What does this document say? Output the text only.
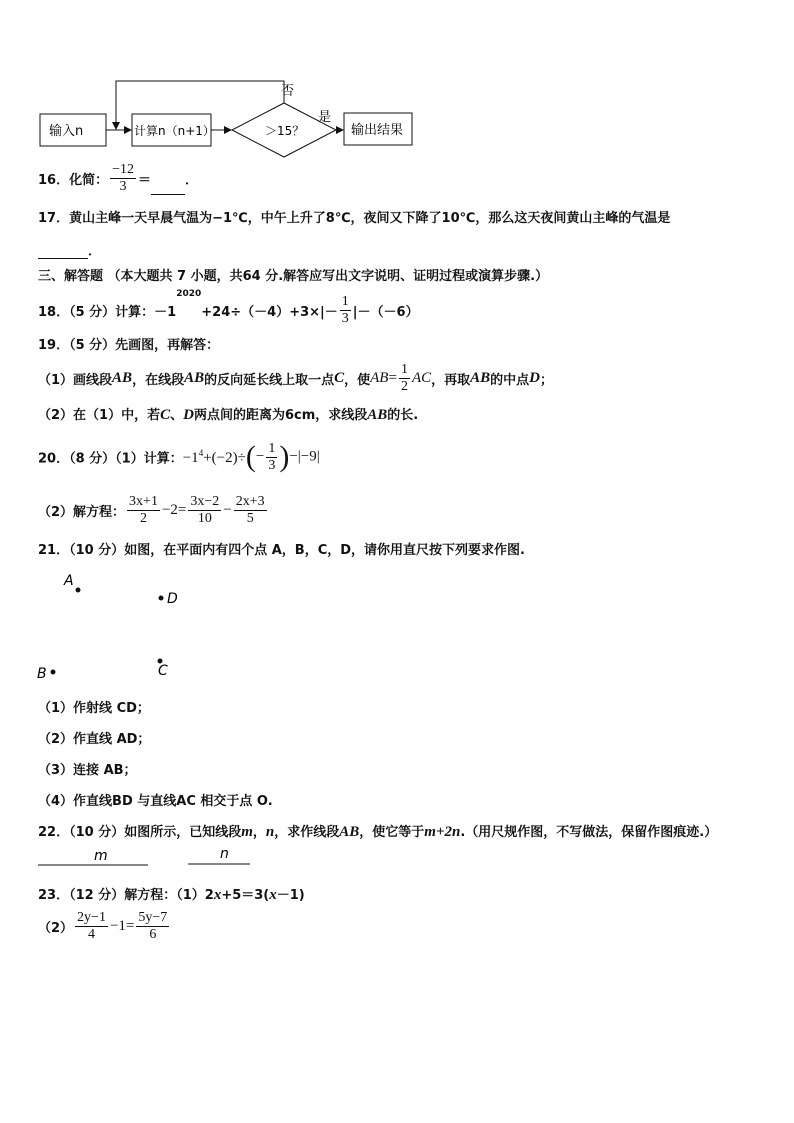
输入n	计算n（n+1）	＞15？
是
输出结果
否
16．化简： $\frac{-12}{3}$ ＝	．
17．黄山主峰一天早晨气温为−1℃，中午上升了8℃，夜间又下降了10℃，那么这天夜间黄山主峰的气温是
．
三、解答题 （本大题共 7 小题，共64 分.解答应写出文字说明、证明过程或演算步骤.）
18．（5 分）计算：$-1^{2020}+24\div(-4)+3\times|- \frac{1}{3} |-(-6)$
19．（5 分）先画图，再解答：
（1）画线段AB，在线段AB的反向延长线上取一点C，使$AB= \frac{1}{2}$ AC，再取AB的中点D；
（2）在（1）中，若C、D两点间的距离为6cm，求线段AB的长.
20．（8 分）（1）计算：$-1^4+(-2)\div(- \frac{1}{3} )-|-9|$
（2）解方程： $\frac{3x+1}{2} -2= \frac{3x-2}{10} - \frac{2x+3}{5}$
21．（10 分）如图，在平面内有四个点 A，B，C，D，请你用直尺按下列要求作图.
A
D
B	C
（1）作射线 CD；
（2）作直线 AD；
（3）连接 AB；
（4）作直线BD 与直线AC 相交于点 O.
22．（10 分）如图所示，已知线段m，n，求作线段AB，使它等于m+2n.（用尺规作图，不写做法，保留作图痕迹.）
m	n
23．（12 分）解方程：（1）2x+5＝3(x－1)
$(2) \frac{2y-1}{4} -1= \frac{5y-7}{6}$
